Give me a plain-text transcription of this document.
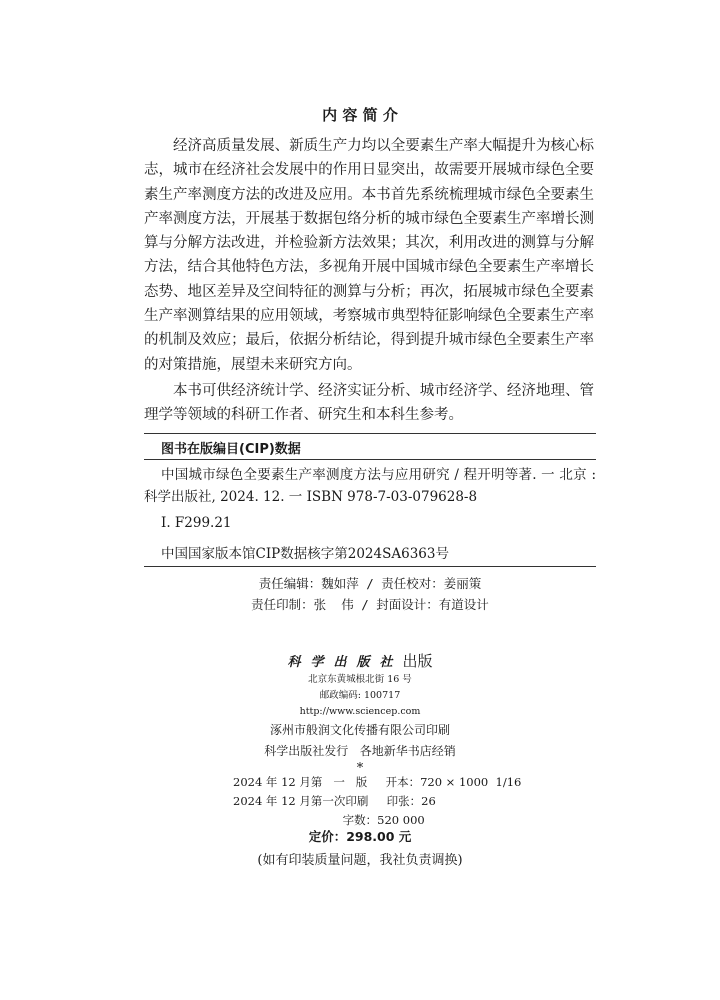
内 容 简 介

经济高质量发展、新质生产力均以全要素生产率大幅提升为核心标志，城市在经济社会发展中的作用日显突出，故需要开展城市绿色全要素生产率测度方法的改进及应用。本书首先系统梳理城市绿色全要素生产率测度方法，开展基于数据包络分析的城市绿色全要素生产率增长测算与分解方法改进，并检验新方法效果；其次，利用改进的测算与分解方法，结合其他特色方法，多视角开展中国城市绿色全要素生产率增长态势、地区差异及空间特征的测算与分析；再次，拓展城市绿色全要素生产率测算结果的应用领域，考察城市典型特征影响绿色全要素生产率的机制及效应；最后，依据分析结论，得到提升城市绿色全要素生产率的对策措施，展望未来研究方向。

本书可供经济统计学、经济实证分析、城市经济学、经济地理、管理学等领域的科研工作者、研究生和本科生参考。

图书在版编目(CIP)数据
中国城市绿色全要素生产率测度方法与应用研究 / 程开明等著. 一 北京 : 科学出版社, 2024. 12. 一 ISBN 978-7-03-079628-8
Ⅰ. F299.21
中国国家版本馆CIP数据核字第2024SA6363号
责任编辑：魏如萍 / 责任校对：姜丽策
责任印制：张  伟 / 封面设计：有道设计
科学出版社出版
北京东黄城根北街 16 号
邮政编码: 100717
http://www.sciencep.com
涿州市般润文化传播有限公司印刷
科学出版社发行   各地新华书店经销
*
2024 年 12 月第   一   版     开本：720 × 1000  1/16
2024 年 12 月第一次印刷     印张：26
字数：520 000
定价：298.00 元
(如有印装质量问题，我社负责调换)
